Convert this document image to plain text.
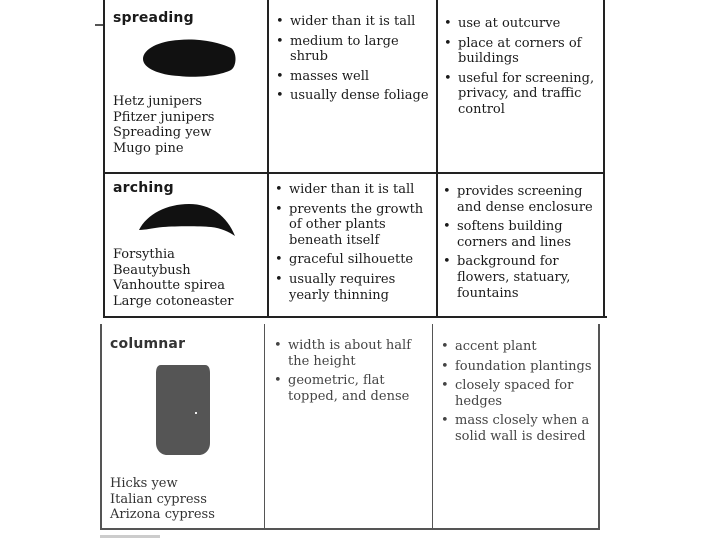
spreading
Hetz junipers
Pfitzer junipers
Spreading yew
Mugo pine
• wider than it is tall
• medium to large shrub
• masses well
• usually dense foliage
• use at outcurve
• place at corners of buildings
• useful for screening, privacy, and traffic control
arching
Forsythia
Beautybush
Vanhoutte spirea
Large cotoneaster
• wider than it is tall
• prevents the growth of other plants beneath itself
• graceful silhouette
• usually requires yearly thinning
• provides screening and dense enclosure
• softens building corners and lines
• background for flowers, statuary, fountains
columnar
Hicks yew
Italian cypress
Arizona cypress
• width is about half the height
• geometric, flat topped, and dense
• accent plant
• foundation plantings
• closely spaced for hedges
• mass closely when a solid wall is desired
